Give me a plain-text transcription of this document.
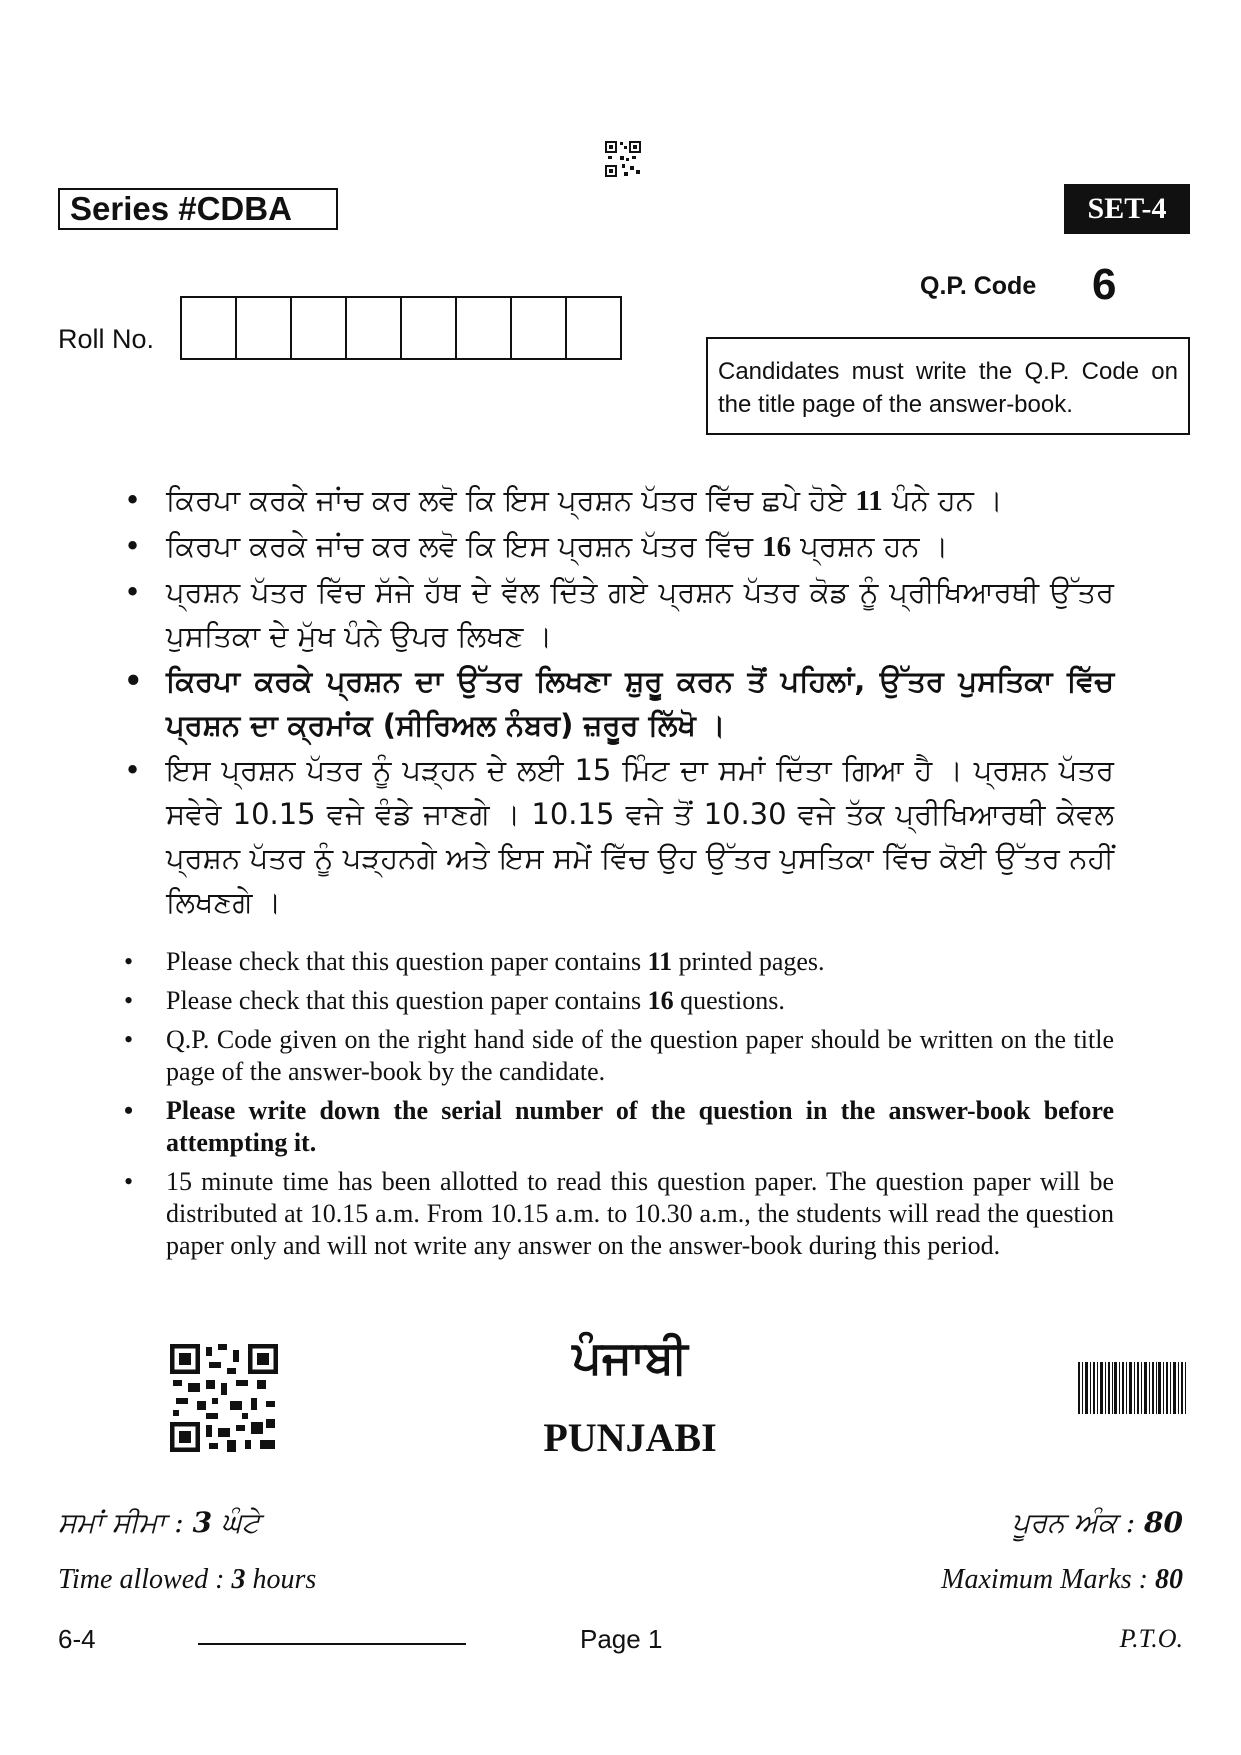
Series #CDBA	SET-4
Q.P. Code 6
Roll No.
Candidates must write the Q.P. Code on the title page of the answer-book.
• ਕਿਰਪਾ ਕਰਕੇ ਜਾਂਚ ਕਰ ਲਵੋ ਕਿ ਇਸ ਪ੍ਰਸ਼ਨ ਪੱਤਰ ਵਿੱਚ ਛਪੇ ਹੋਏ 11 ਪੰਨੇ ਹਨ ।
• ਕਿਰਪਾ ਕਰਕੇ ਜਾਂਚ ਕਰ ਲਵੋ ਕਿ ਇਸ ਪ੍ਰਸ਼ਨ ਪੱਤਰ ਵਿੱਚ 16 ਪ੍ਰਸ਼ਨ ਹਨ ।
• ਪ੍ਰਸ਼ਨ ਪੱਤਰ ਵਿੱਚ ਸੱਜੇ ਹੱਥ ਦੇ ਵੱਲ ਦਿੱਤੇ ਗਏ ਪ੍ਰਸ਼ਨ ਪੱਤਰ ਕੋਡ ਨੂੰ ਪ੍ਰੀਖਿਆਰਥੀ ਉੱਤਰ ਪੁਸਤਿਕਾ ਦੇ ਮੁੱਖ ਪੰਨੇ ਉਪਰ ਲਿਖਣ ।
• ਕਿਰਪਾ ਕਰਕੇ ਪ੍ਰਸ਼ਨ ਦਾ ਉੱਤਰ ਲਿਖਣਾ ਸ਼ੁਰੂ ਕਰਨ ਤੋਂ ਪਹਿਲਾਂ, ਉੱਤਰ ਪੁਸਤਿਕਾ ਵਿੱਚ ਪ੍ਰਸ਼ਨ ਦਾ ਕ੍ਰਮਾਂਕ (ਸੀਰਿਅਲ ਨੰਬਰ) ਜ਼ਰੂਰ ਲਿੱਖੋ ।
• ਇਸ ਪ੍ਰਸ਼ਨ ਪੱਤਰ ਨੂੰ ਪੜ੍ਹਨ ਦੇ ਲਈ 15 ਮਿੰਟ ਦਾ ਸਮਾਂ ਦਿੱਤਾ ਗਿਆ ਹੈ । ਪ੍ਰਸ਼ਨ ਪੱਤਰ ਸਵੇਰੇ 10.15 ਵਜੇ ਵੰਡੇ ਜਾਣਗੇ । 10.15 ਵਜੇ ਤੋਂ 10.30 ਵਜੇ ਤੱਕ ਪ੍ਰੀਖਿਆਰਥੀ ਕੇਵਲ ਪ੍ਰਸ਼ਨ ਪੱਤਰ ਨੂੰ ਪੜ੍ਹਨਗੇ ਅਤੇ ਇਸ ਸਮੇਂ ਵਿੱਚ ਉਹ ਉੱਤਰ ਪੁਸਤਿਕਾ ਵਿੱਚ ਕੋਈ ਉੱਤਰ ਨਹੀਂ ਲਿਖਣਗੇ ।
• Please check that this question paper contains 11 printed pages.
• Please check that this question paper contains 16 questions.
• Q.P. Code given on the right hand side of the question paper should be written on the title page of the answer-book by the candidate.
• Please write down the serial number of the question in the answer-book before attempting it.
• 15 minute time has been allotted to read this question paper. The question paper will be distributed at 10.15 a.m. From 10.15 a.m. to 10.30 a.m., the students will read the question paper only and will not write any answer on the answer-book during this period.
ਪੰਜਾਬੀ
PUNJABI
ਸਮਾਂ ਸੀਮਾ : 3 ਘੰਟੇ
Time allowed : 3 hours
ਪੂਰਨ ਅੰਕ : 80
Maximum Marks : 80
6-4	Page 1	P.T.O.
